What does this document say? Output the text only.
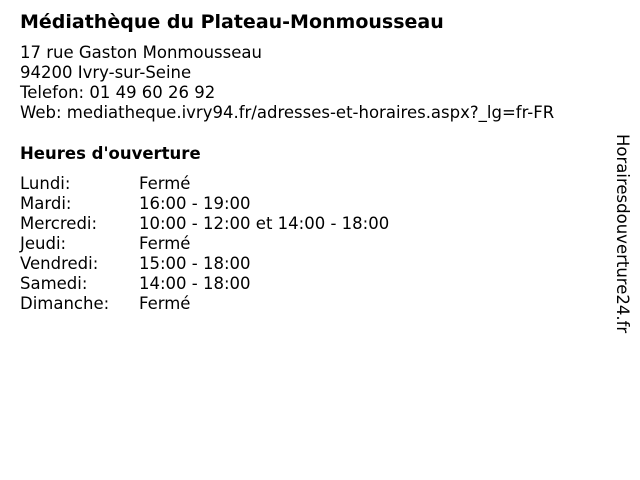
Médiathèque du Plateau-Monmousseau
17 rue Gaston Monmousseau
94200 Ivry-sur-Seine
Telefon: 01 49 60 26 92
Web: mediatheque.ivry94.fr/adresses-et-horaires.aspx?_lg=fr-FR
Heures d'ouverture
Lundi:	Fermé
Mardi:	16:00 - 19:00
Mercredi:	10:00 - 12:00 et 14:00 - 18:00
Jeudi:	Fermé
Vendredi:	15:00 - 18:00
Samedi:	14:00 - 18:00
Dimanche:	Fermé	Horairesdouverture24.fr
